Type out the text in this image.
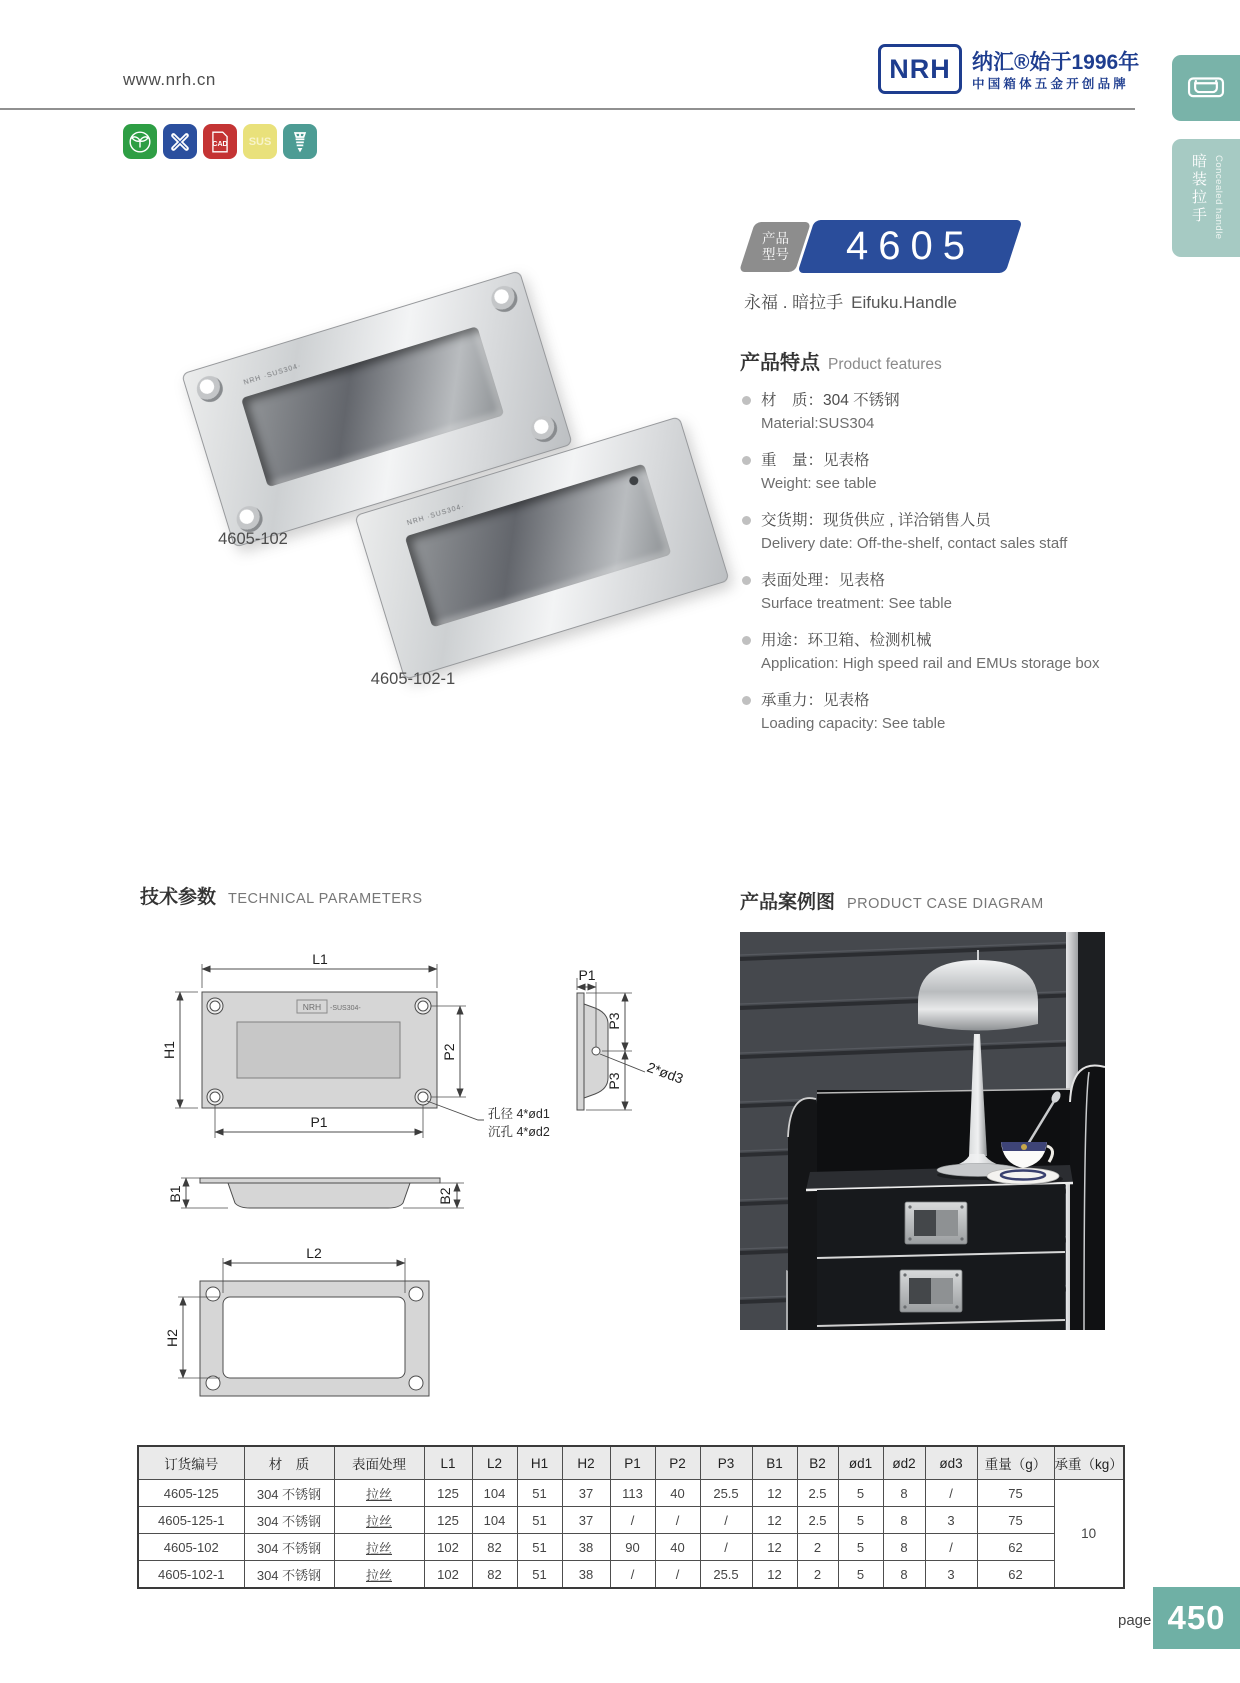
www.nrh.cn	NRH 纳汇®始于1996年
中国箱体五金开创品牌
CAD SUS
暗装拉手 Concealed handle
产品
型号 4605
永福 . 暗拉手 Eifuku.Handle
NRH ·SUS304·
4605-102
NRH ·SUS304·
4605-102-1
产品特点 Product features
材　质：304 不锈钢
Material:SUS304
重　量：见表格
Weight: see table
交货期：现货供应 , 详洽销售人员
Delivery date: Off-the-shelf, contact sales staff
表面处理：见表格
Surface treatment: See table
用途：环卫箱、检测机械
Application: High speed rail and EMUs storage box
承重力：见表格
Loading capacity: See table
技术参数 TECHNICAL PARAMETERS	产品案例图 PRODUCT CASE DIAGRAM
L1
H1
P1
P2
孔径 4*ød1
沉孔 4*ød2
NRH -SUS304-
P1
P3
P3 2*ød3
B1	B2
L2
H2
订货编号	材　质	表面处理	L1	L2	H1	H2	P1	P2	P3	B1	B2	ød1	ød2	ød3	重量（g）	承重（kg）
4605-125	304 不锈钢	拉丝	125	104	51	37	113	40	25.5	12	2.5	5	8	/	75	10
4605-125-1	304 不锈钢	拉丝	125	104	51	37	/	/	/	12	2.5	5	8	3	75	
4605-102	304 不锈钢	拉丝	102	82	51	38	90	40	/	12	2	5	8	/	62	
4605-102-1	304 不锈钢	拉丝	102	82	51	38	/	/	25.5	12	2	5	8	3	62	
page 450
